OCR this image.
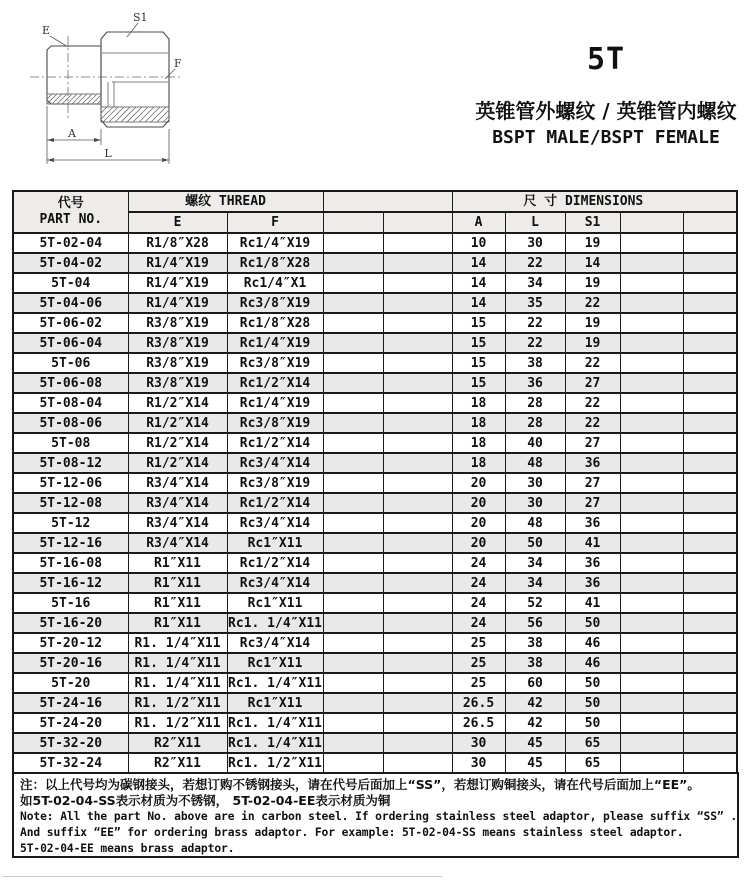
A
L
E
S1
F	5T
英锥管外螺纹 / 英锥管内螺纹
BSPT MALE/BSPT FEMALE
代号
PART NO.	螺纹 THREAD				尺 寸 DIMENSIONS				
	E	F			A	L	S1		
5T-02-04	R1/8″X28	Rc1/4″X19			10	30	19		
5T-04-02	R1/4″X19	Rc1/8″X28			14	22	14		
5T-04	R1/4″X19	Rc1/4″X1			14	34	19		
5T-04-06	R1/4″X19	Rc3/8″X19			14	35	22		
5T-06-02	R3/8″X19	Rc1/8″X28			15	22	19		
5T-06-04	R3/8″X19	Rc1/4″X19			15	22	19		
5T-06	R3/8″X19	Rc3/8″X19			15	38	22		
5T-06-08	R3/8″X19	Rc1/2″X14			15	36	27		
5T-08-04	R1/2″X14	Rc1/4″X19			18	28	22		
5T-08-06	R1/2″X14	Rc3/8″X19			18	28	22		
5T-08	R1/2″X14	Rc1/2″X14			18	40	27		
5T-08-12	R1/2″X14	Rc3/4″X14			18	48	36		
5T-12-06	R3/4″X14	Rc3/8″X19			20	30	27		
5T-12-08	R3/4″X14	Rc1/2″X14			20	30	27		
5T-12	R3/4″X14	Rc3/4″X14			20	48	36		
5T-12-16	R3/4″X14	Rc1″X11			20	50	41		
5T-16-08	R1″X11	Rc1/2″X14			24	34	36		
5T-16-12	R1″X11	Rc3/4″X14			24	34	36		
5T-16	R1″X11	Rc1″X11			24	52	41		
5T-16-20	R1″X11	Rc1. 1/4″X11			24	56	50		
5T-20-12	R1. 1/4″X11	Rc3/4″X14			25	38	46		
5T-20-16	R1. 1/4″X11	Rc1″X11			25	38	46		
5T-20	R1. 1/4″X11	Rc1. 1/4″X11			25	60	50		
5T-24-16	R1. 1/2″X11	Rc1″X11			26.5	42	50		
5T-24-20	R1. 1/2″X11	Rc1. 1/4″X11			26.5	42	50		
5T-32-20	R2″X11	Rc1. 1/4″X11			30	45	65		
5T-32-24	R2″X11	Rc1. 1/2″X11			30	45	65		
注：以上代号均为碳钢接头，若想订购不锈钢接头，请在代号后面加上“SS”，若想订购铜接头，请在代号后面加上“EE”。
如5T-02-04-SS表示材质为不锈钢， 5T-02-04-EE表示材质为铜
Note: All the part No. above are in carbon steel. If ordering stainless steel adaptor, please suffix “SS” .
And suffix “EE” for ordering brass adaptor. For example: 5T-02-04-SS means stainless steel adaptor.
5T-02-04-EE means brass adaptor.
